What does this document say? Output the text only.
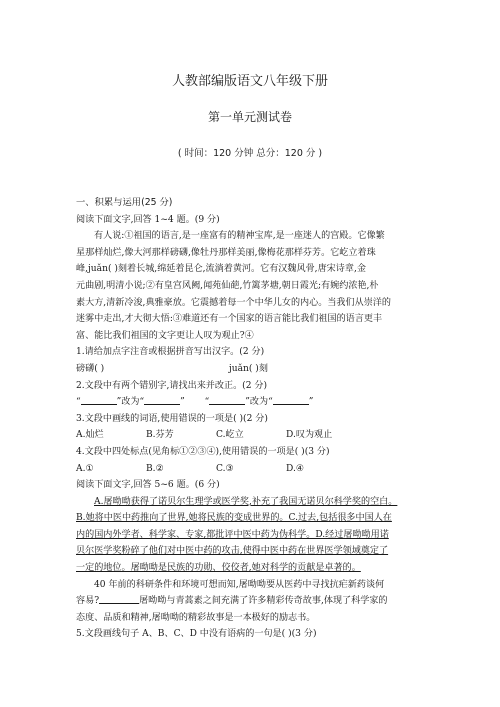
人教部编版语文八年级下册
第一单元测试卷
( 时间：120 分钟 总分：120 分 )
一、积累与运用(25 分)
阅读下面文字,回答 1~4 题。(9 分)
有人说:①祖国的语言,是一座富有的精神宝库,是一座迷人的宫殿。它像繁
星那样灿烂,像大河那样磅礴,像牡丹那样美丽,像梅花那样芬芳。它屹立着珠
峰,juǎn( )刻着长城,绵延着昆仑,流淌着黄河。它有汉魏风骨,唐宋诗章,金
元曲剧,明清小说;②有皇宫风阙,闻苑仙葩,竹篱茅塘,朝日霞光;有婉约浓艳,朴
素大方,清新冷浚,典雅豪放。它震撼着每一个中华儿女的内心。当我们从崇洋的
迷雾中走出,才大彻大悟:③难道还有一个国家的语言能比我们祖国的语言更丰
富、能比我们祖国的文字更让人叹为观止?④
1.请给加点字注音或根据拼音写出汉字。(2 分)
磅礴( )	juǎn( )刻
2.文段中有两个错别字,请找出来并改正。(2 分)
“	”改为“	” “	”改为“	”
3.文段中画线的词语,使用错误的一项是( )(2 分)
A.灿烂	B.芬芳	C.屹立	D.叹为观止
4.文段中四处标点(见角标①②③④),使用错误的一项是( )(3 分)
A.①	B.②	C.③	D.④
阅读下面文字,回答 5~6 题。(6 分)
A.屠呦呦获得了诺贝尔生理学或医学奖,补充了我国无诺贝尔科学奖的空白。
B.她将中医中药推向了世界,她将民族的变成世界的。C.过去,包括很多中国人在
内的国内外学者、科学家、专家,都批评中医中药为伪科学。D.经过屠呦呦用诺
贝尔医学奖粉碎了他们对中医中药的攻击,使得中医中药在世界医学领域奠定了
一定的地位。屠呦呦是民族的功勋、佼佼者,她对科学的贡献是卓著的。
40 年前的科研条件和环境可想而知,屠呦呦要从医药中寻找抗疟新药谈何
容易?	屠呦呦与青蒿素之间充满了许多精彩传奇故事,体现了科学家的
态度、品质和精神,屠呦呦的精彩故事是一本极好的励志书。
5.文段画线句子 A、B、C、D 中没有语病的一句是( )(3 分)
